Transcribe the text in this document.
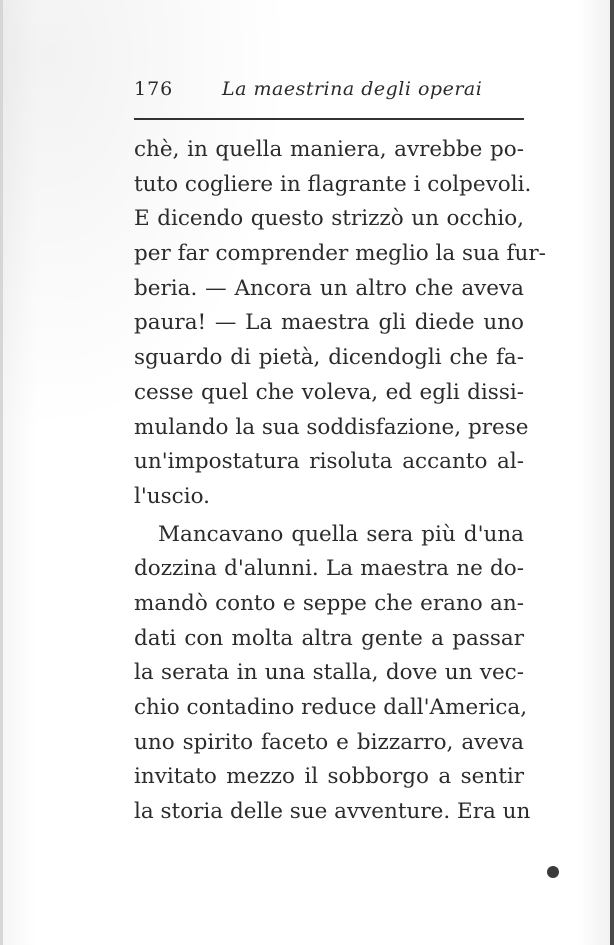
176	La maestrina degli operai
chè, in quella maniera, avrebbe po-
tuto cogliere in flagrante i colpevoli.
E dicendo questo strizzò un occhio,
per far comprender meglio la sua fur-
beria. — Ancora un altro che aveva
paura! — La maestra gli diede uno
sguardo di pietà, dicendogli che fa-
cesse quel che voleva, ed egli dissi-
mulando la sua soddisfazione, prese
un'impostatura risoluta accanto al-
l'uscio.
Mancavano quella sera più d'una
dozzina d'alunni. La maestra ne do-
mandò conto e seppe che erano an-
dati con molta altra gente a passar
la serata in una stalla, dove un vec-
chio contadino reduce dall'America,
uno spirito faceto e bizzarro, aveva
invitato mezzo il sobborgo a sentir
la storia delle sue avventure. Era un
